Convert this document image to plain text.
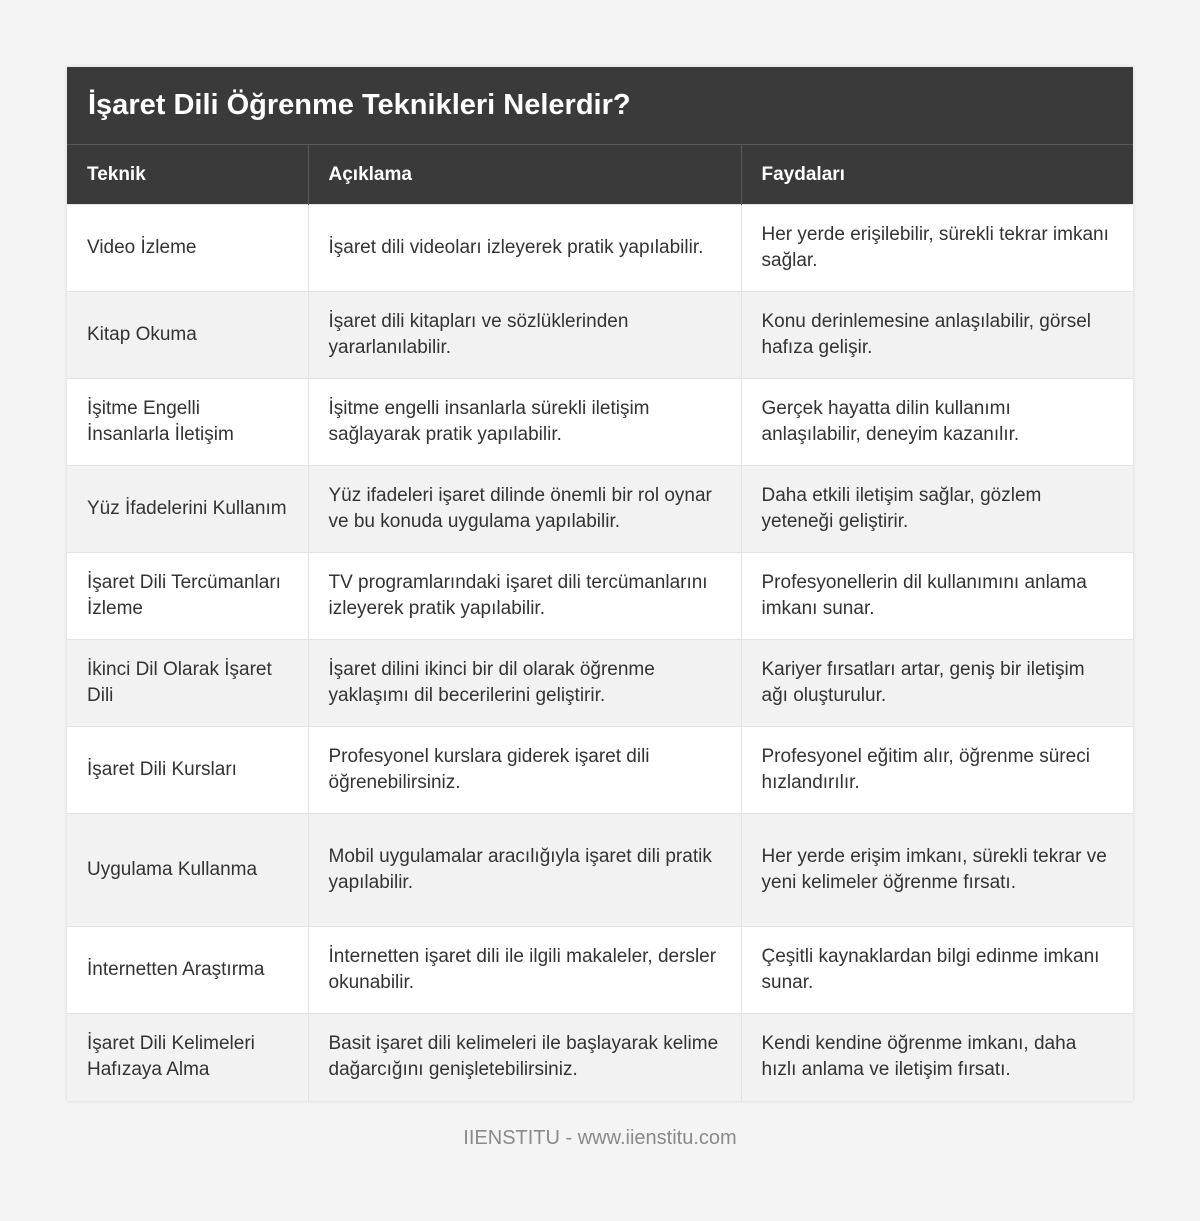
İşaret Dili Öğrenme Teknikleri Nelerdir?
Teknik	Açıklama	Faydaları
Video İzleme	İşaret dili videoları izleyerek pratik yapılabilir.	Her yerde erişilebilir, sürekli tekrar imkanı sağlar.
Kitap Okuma	İşaret dili kitapları ve sözlüklerinden yararlanılabilir.	Konu derinlemesine anlaşılabilir, görsel hafıza gelişir.
İşitme Engelli İnsanlarla İletişim	İşitme engelli insanlarla sürekli iletişim sağlayarak pratik yapılabilir.	Gerçek hayatta dilin kullanımı anlaşılabilir, deneyim kazanılır.
Yüz İfadelerini Kullanım	Yüz ifadeleri işaret dilinde önemli bir rol oynar ve bu konuda uygulama yapılabilir.	Daha etkili iletişim sağlar, gözlem yeteneği geliştirir.
İşaret Dili Tercümanları İzleme	TV programlarındaki işaret dili tercümanlarını izleyerek pratik yapılabilir.	Profesyonellerin dil kullanımını anlama imkanı sunar.
İkinci Dil Olarak İşaret Dili	İşaret dilini ikinci bir dil olarak öğrenme yaklaşımı dil becerilerini geliştirir.	Kariyer fırsatları artar, geniş bir iletişim ağı oluşturulur.
İşaret Dili Kursları	Profesyonel kurslara giderek işaret dili öğrenebilirsiniz.	Profesyonel eğitim alır, öğrenme süreci hızlandırılır.
Uygulama Kullanma	Mobil uygulamalar aracılığıyla işaret dili pratik yapılabilir.	Her yerde erişim imkanı, sürekli tekrar ve yeni kelimeler öğrenme fırsatı.
İnternetten Araştırma	İnternetten işaret dili ile ilgili makaleler, dersler okunabilir.	Çeşitli kaynaklardan bilgi edinme imkanı sunar.
İşaret Dili Kelimeleri Hafızaya Alma	Basit işaret dili kelimeleri ile başlayarak kelime dağarcığını genişletebilirsiniz.	Kendi kendine öğrenme imkanı, daha hızlı anlama ve iletişim fırsatı.
IIENSTITU - www.iienstitu.com
